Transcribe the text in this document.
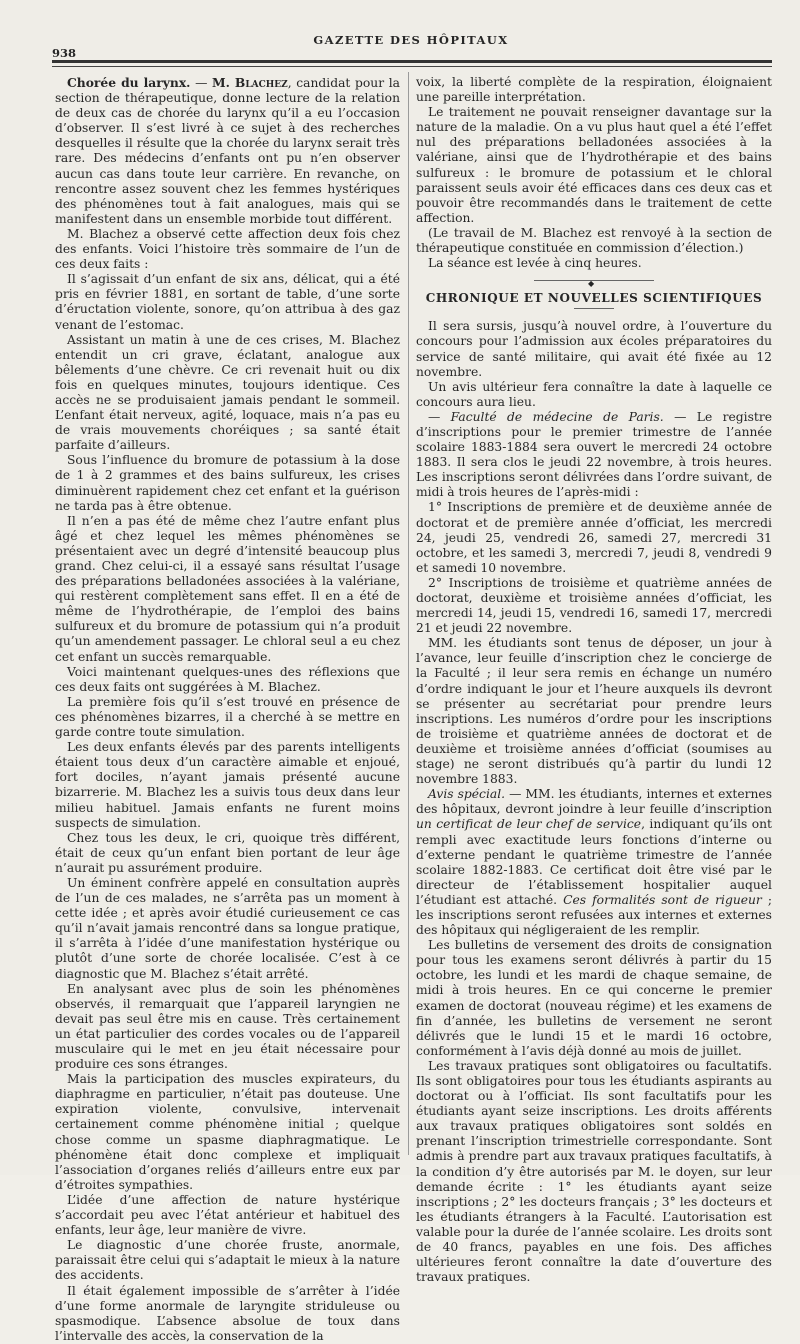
938
GAZETTE DES HÔPITAUX

Chorée du larynx. — M. Blachez, candidat pour la section de thérapeutique, donne lecture de la relation de deux cas de chorée du larynx qu’il a eu l’occasion d’observer. Il s’est livré à ce sujet à des recherches desquelles il résulte que la chorée du larynx serait très rare. Des médecins d’enfants ont pu n’en observer aucun cas dans toute leur carrière. En revanche, on rencontre assez souvent chez les femmes hystériques des phénomènes tout à fait analogues, mais qui se manifestent dans un ensemble morbide tout différent.

M. Blachez a observé cette affection deux fois chez des enfants. Voici l’histoire très sommaire de l’un de ces deux faits :

Il s’agissait d’un enfant de six ans, délicat, qui a été pris en février 1881, en sortant de table, d’une sorte d’éructation violente, sonore, qu’on attribua à des gaz venant de l’estomac.

Assistant un matin à une de ces crises, M. Blachez entendit un cri grave, éclatant, analogue aux bêlements d’une chèvre. Ce cri revenait huit ou dix fois en quelques minutes, toujours identique. Ces accès ne se produisaient jamais pendant le sommeil. L’enfant était nerveux, agité, loquace, mais n’a pas eu de vrais mouvements choréiques ; sa santé était parfaite d’ailleurs.

Sous l’influence du bromure de potassium à la dose de 1 à 2 grammes et des bains sulfureux, les crises diminuèrent rapidement chez cet enfant et la guérison ne tarda pas à être obtenue.

Il n’en a pas été de même chez l’autre enfant plus âgé et chez lequel les mêmes phénomènes se présentaient avec un degré d’intensité beaucoup plus grand. Chez celui-ci, il a essayé sans résultat l’usage des préparations belladonées associées à la valériane, qui restèrent complètement sans effet. Il en a été de même de l’hydrothérapie, de l’emploi des bains sulfureux et du bromure de potassium qui n’a produit qu’un amendement passager. Le chloral seul a eu chez cet enfant un succès remarquable.

Voici maintenant quelques-unes des réflexions que ces deux faits ont suggérées à M. Blachez.

La première fois qu’il s’est trouvé en présence de ces phénomènes bizarres, il a cherché à se mettre en garde contre toute simulation.

Les deux enfants élevés par des parents intelligents étaient tous deux d’un caractère aimable et enjoué, fort dociles, n’ayant jamais présenté aucune bizarrerie. M. Blachez les a suivis tous deux dans leur milieu habituel. Jamais enfants ne furent moins suspects de simulation.

Chez tous les deux, le cri, quoique très différent, était de ceux qu’un enfant bien portant de leur âge n’aurait pu assurément produire.

Un éminent confrère appelé en consultation auprès de l’un de ces malades, ne s’arrêta pas un moment à cette idée ; et après avoir étudié curieusement ce cas qu’il n’avait jamais rencontré dans sa longue pratique, il s’arrêta à l’idée d’une manifestation hystérique ou plutôt d’une sorte de chorée localisée. C’est à ce diagnostic que M. Blachez s’était arrêté.

En analysant avec plus de soin les phénomènes observés, il remarquait que l’appareil laryngien ne devait pas seul être mis en cause. Très certainement un état particulier des cordes vocales ou de l’appareil musculaire qui le met en jeu était nécessaire pour produire ces sons étranges.

Mais la participation des muscles expirateurs, du diaphragme en particulier, n’était pas douteuse. Une expiration violente, convulsive, intervenait certainement comme phénomène initial ; quelque chose comme un spasme diaphragmatique. Le phénomène était donc complexe et impliquait l’association d’organes reliés d’ailleurs entre eux par d’étroites sympathies.

L’idée d’une affection de nature hystérique s’accordait peu avec l’état antérieur et habituel des enfants, leur âge, leur manière de vivre.

Le diagnostic d’une chorée fruste, anormale, paraissait être celui qui s’adaptait le mieux à la nature des accidents.

Il était également impossible de s’arrêter à l’idée d’une forme anormale de laryngite striduleuse ou spasmodique. L’absence absolue de toux dans l’intervalle des accès, la conservation de la

voix, la liberté complète de la respiration, éloignaient une pareille interprétation.

Le traitement ne pouvait renseigner davantage sur la nature de la maladie. On a vu plus haut quel a été l’effet nul des préparations belladonées associées à la valériane, ainsi que de l’hydrothérapie et des bains sulfureux : le bromure de potassium et le chloral paraissent seuls avoir été efficaces dans ces deux cas et pouvoir être recommandés dans le traitement de cette affection.

(Le travail de M. Blachez est renvoyé à la section de thérapeutique constituée en commission d’élection.)

La séance est levée à cinq heures.

◆

CHRONIQUE ET NOUVELLES SCIENTIFIQUES

Il sera sursis, jusqu’à nouvel ordre, à l’ouverture du concours pour l’admission aux écoles préparatoires du service de santé militaire, qui avait été fixée au 12 novembre.

Un avis ultérieur fera connaître la date à laquelle ce concours aura lieu.

— Faculté de médecine de Paris. — Le registre d’inscriptions pour le premier trimestre de l’année scolaire 1883-1884 sera ouvert le mercredi 24 octobre 1883. Il sera clos le jeudi 22 novembre, à trois heures. Les inscriptions seront délivrées dans l’ordre suivant, de midi à trois heures de l’après-midi :

1° Inscriptions de première et de deuxième année de doctorat et de première année d’officiat, les mercredi 24, jeudi 25, vendredi 26, samedi 27, mercredi 31 octobre, et les samedi 3, mercredi 7, jeudi 8, vendredi 9 et samedi 10 novembre.

2° Inscriptions de troisième et quatrième années de doctorat, deuxième et troisième années d’officiat, les mercredi 14, jeudi 15, vendredi 16, samedi 17, mercredi 21 et jeudi 22 novembre.

MM. les étudiants sont tenus de déposer, un jour à l’avance, leur feuille d’inscription chez le concierge de la Faculté ; il leur sera remis en échange un numéro d’ordre indiquant le jour et l’heure auxquels ils devront se présenter au secrétariat pour prendre leurs inscriptions. Les numéros d’ordre pour les inscriptions de troisième et quatrième années de doctorat et de deuxième et troisième années d’officiat (soumises au stage) ne seront distribués qu’à partir du lundi 12 novembre 1883.

Avis spécial. — MM. les étudiants, internes et externes des hôpitaux, devront joindre à leur feuille d’inscription un certificat de leur chef de service, indiquant qu’ils ont rempli avec exactitude leurs fonctions d’interne ou d’externe pendant le quatrième trimestre de l’année scolaire 1882-1883. Ce certificat doit être visé par le directeur de l’établissement hospitalier auquel l’étudiant est attaché. Ces formalités sont de rigueur ; les inscriptions seront refusées aux internes et externes des hôpitaux qui négligeraient de les remplir.

Les bulletins de versement des droits de consignation pour tous les examens seront délivrés à partir du 15 octobre, les lundi et les mardi de chaque semaine, de midi à trois heures. En ce qui concerne le premier examen de doctorat (nouveau régime) et les examens de fin d’année, les bulletins de versement ne seront délivrés que le lundi 15 et le mardi 16 octobre, conformément à l’avis déjà donné au mois de juillet.

Les travaux pratiques sont obligatoires ou facultatifs. Ils sont obligatoires pour tous les étudiants aspirants au doctorat ou à l’officiat. Ils sont facultatifs pour les étudiants ayant seize inscriptions. Les droits afférents aux travaux pratiques obligatoires sont soldés en prenant l’inscription trimestrielle correspondante. Sont admis à prendre part aux travaux pratiques facultatifs, à la condition d’y être autorisés par M. le doyen, sur leur demande écrite : 1° les étudiants ayant seize inscriptions ; 2° les docteurs français ; 3° les docteurs et les étudiants étrangers à la Faculté. L’autorisation est valable pour la durée de l’année scolaire. Les droits sont de 40 francs, payables en une fois. Des affiches ultérieures feront connaître la date d’ouverture des travaux pratiques.
